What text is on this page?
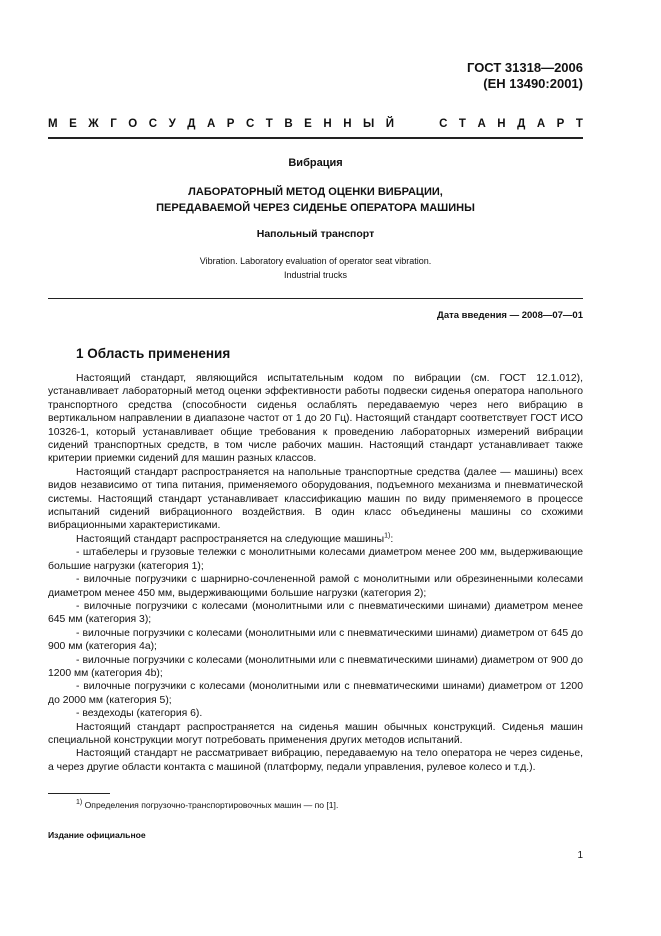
ГОСТ 31318—2006
(ЕН 13490:2001)
М Е Ж Г О С У Д А Р С Т В Е Н Н Ы Й	С Т А Н Д А Р Т
Вибрация
ЛАБОРАТОРНЫЙ МЕТОД ОЦЕНКИ ВИБРАЦИИ,
ПЕРЕДАВАЕМОЙ ЧЕРЕЗ СИДЕНЬЕ ОПЕРАТОРА МАШИНЫ
Напольный транспорт
Vibration. Laboratory evaluation of operator seat vibration.
Industrial trucks
Дата введения — 2008—07—01
1 Область применения

Настоящий стандарт, являющийся испытательным кодом по вибрации (см. ГОСТ 12.1.012), устанавливает лабораторный метод оценки эффективности работы подвески сиденья оператора напольного транспортного средства (способности сиденья ослаблять передаваемую через него вибрацию в вертикальном направлении в диапазоне частот от 1 до 20 Гц). Настоящий стандарт соответствует ГОСТ ИСО 10326-1, который устанавливает общие требования к проведению лабораторных измерений вибрации сидений транспортных средств, в том числе рабочих машин. Настоящий стандарт устанавливает также критерии приемки сидений для машин разных классов.

Настоящий стандарт распространяется на напольные транспортные средства (далее — машины) всех видов независимо от типа питания, применяемого оборудования, подъемного механизма и пневматической системы. Настоящий стандарт устанавливает классификацию машин по виду применяемого в процессе испытаний сидений вибрационного воздействия. В один класс объединены машины со схожими вибрационными характеристиками.

Настоящий стандарт распространяется на следующие машины$^{1)}$:

- штабелеры и грузовые тележки с монолитными колесами диаметром менее 200 мм, выдерживающие большие нагрузки (категория 1);

- вилочные погрузчики с шарнирно-сочлененной рамой с монолитными или обрезиненными колесами диаметром менее 450 мм, выдерживающими большие нагрузки (категория 2);

- вилочные погрузчики с колесами (монолитными или с пневматическими шинами) диаметром менее 645 мм (категория 3);

- вилочные погрузчики с колесами (монолитными или с пневматическими шинами) диаметром от 645 до 900 мм (категория 4а);

- вилочные погрузчики с колесами (монолитными или с пневматическими шинами) диаметром от 900 до 1200 мм (категория 4b);

- вилочные погрузчики с колесами (монолитными или с пневматическими шинами) диаметром от 1200 до 2000 мм (категория 5);

- вездеходы (категория 6).

Настоящий стандарт распространяется на сиденья машин обычных конструкций. Сиденья машин специальной конструкции могут потребовать применения других методов испытаний.

Настоящий стандарт не рассматривает вибрацию, передаваемую на тело оператора не через сиденье, а через другие области контакта с машиной (платформу, педали управления, рулевое колесо и т.д.).

$^{1)}$ Определения погрузочно-транспортировочных машин — по [1].
Издание официальное
1
